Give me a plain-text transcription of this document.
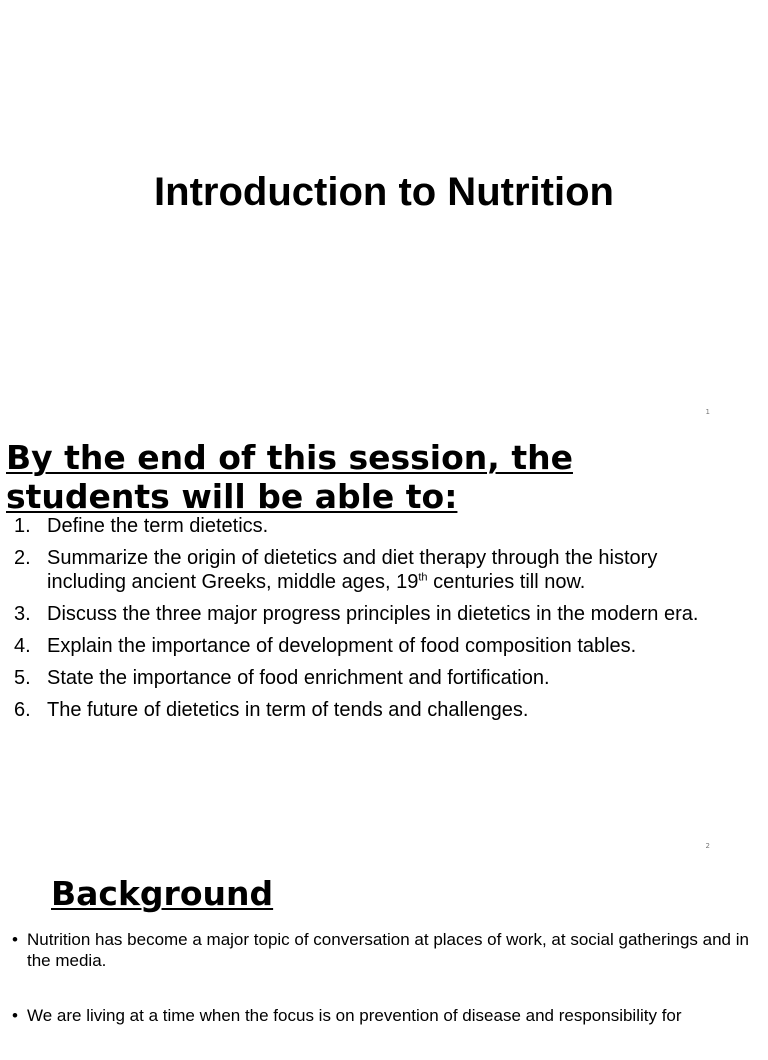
Introduction to Nutrition
1
By the end of this session, the students will be able to:
1. Define the term dietetics.
2. Summarize the origin of dietetics and diet therapy through the history including ancient Greeks, middle ages, 19th centuries till now.
3. Discuss the three major progress principles in dietetics in the modern era.
4. Explain the importance of development of food composition tables.
5. State the importance of food enrichment and fortification.
6. The future of dietetics in term of tends and challenges.
2
Background
• Nutrition has become a major topic of conversation at places of work, at social gatherings and in the media.
• We are living at a time when the focus is on prevention of disease and responsibility for
